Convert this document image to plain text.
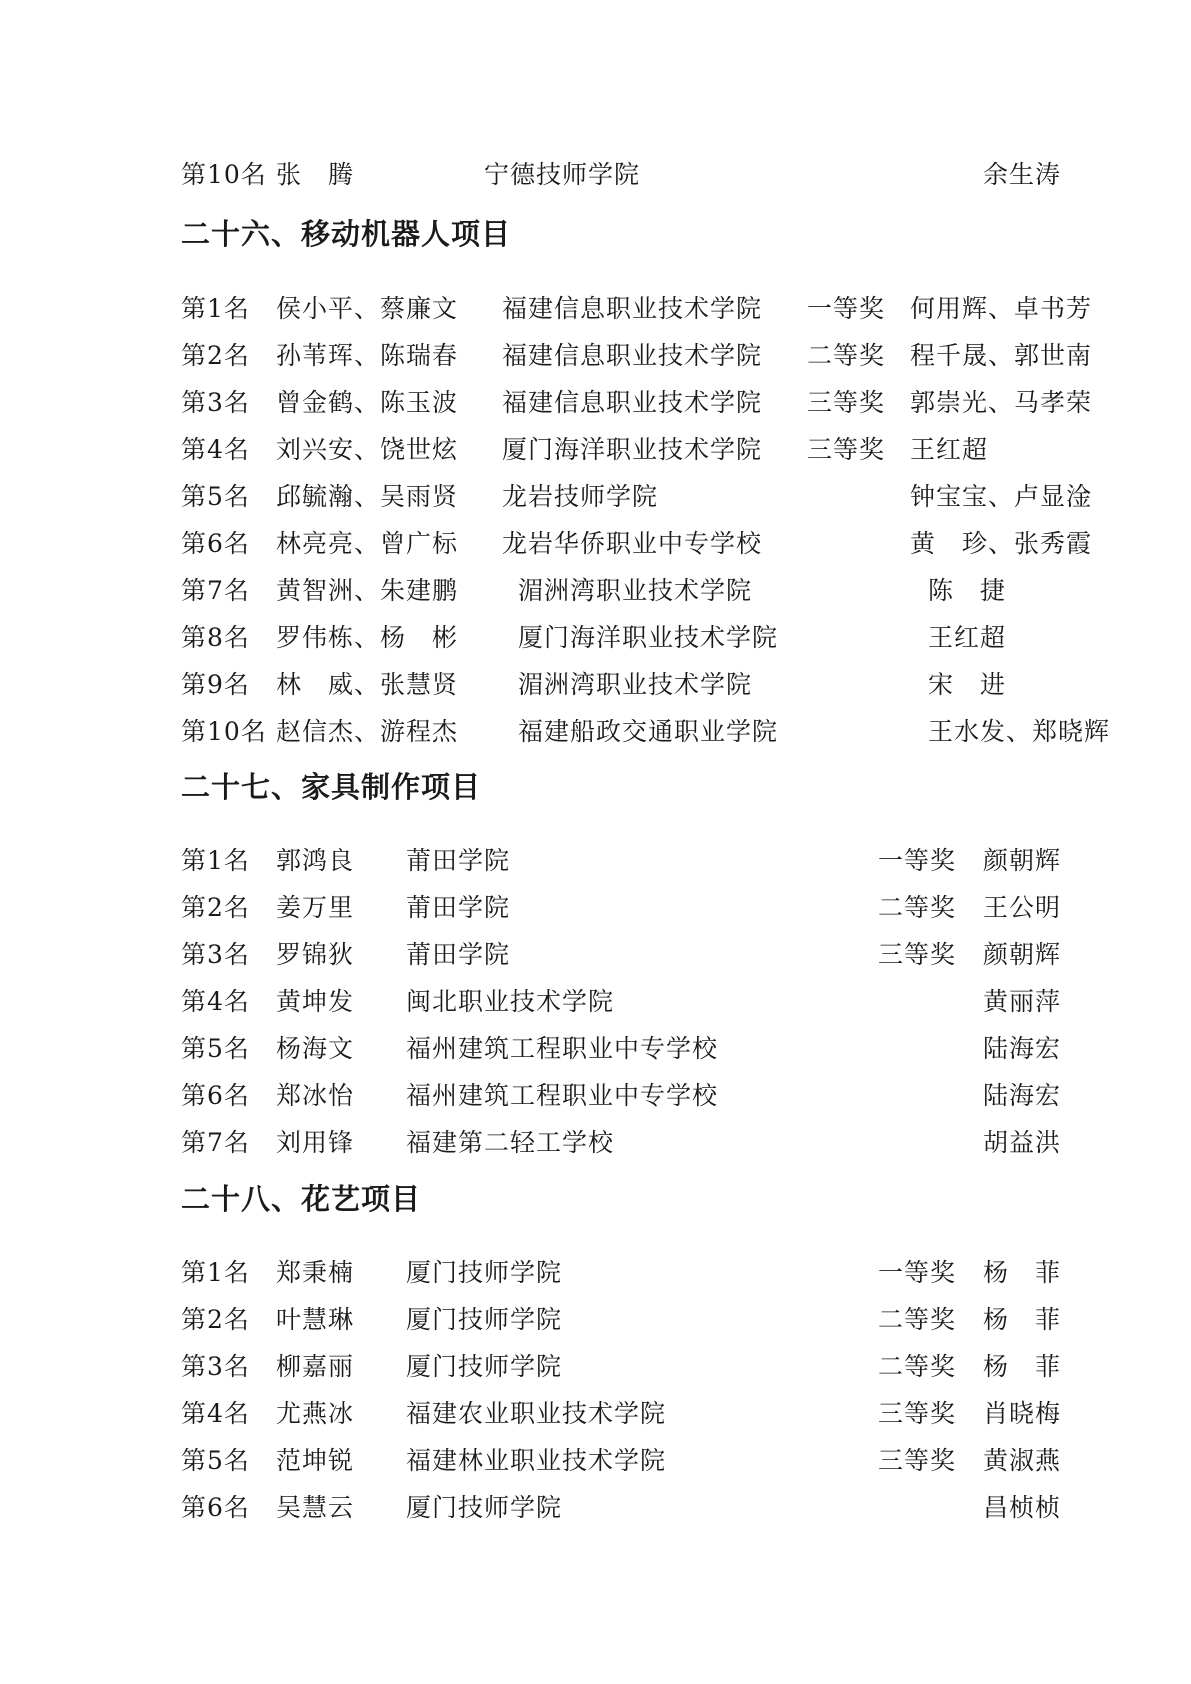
第10名 张　腾	宁德技师学院	余生涛
二十六、移动机器人项目
第1名 侯小平、蔡廉文 福建信息职业技术学院 一等奖 何用辉、卓书芳
第2名 孙苇珲、陈瑞春 福建信息职业技术学院 二等奖 程千晟、郭世南
第3名 曾金鹤、陈玉波 福建信息职业技术学院 三等奖 郭崇光、马孝荣
第4名 刘兴安、饶世炫 厦门海洋职业技术学院 三等奖 王红超
第5名 邱毓瀚、吴雨贤 龙岩技师学院	钟宝宝、卢显淦
第6名 林亮亮、曾广标 龙岩华侨职业中专学校	黄　珍、张秀霞
第7名 黄智洲、朱建鹏 湄洲湾职业技术学院	陈　捷
第8名 罗伟栋、杨　彬 厦门海洋职业技术学院	王红超
第9名 林　威、张慧贤 湄洲湾职业技术学院	宋　进
第10名 赵信杰、游程杰 福建船政交通职业学院	王水发、郑晓辉
二十七、家具制作项目
第1名 郭鸿良 莆田学院	一等奖 颜朝辉
第2名 姜万里 莆田学院	二等奖 王公明
第3名 罗锦狄 莆田学院	三等奖 颜朝辉
第4名 黄坤发 闽北职业技术学院	黄丽萍
第5名 杨海文 福州建筑工程职业中专学校	陆海宏
第6名 郑冰怡 福州建筑工程职业中专学校	陆海宏
第7名 刘用锋 福建第二轻工学校	胡益洪
二十八、花艺项目
第1名 郑秉楠 厦门技师学院	一等奖 杨　菲
第2名 叶慧琳 厦门技师学院	二等奖 杨　菲
第3名 柳嘉丽 厦门技师学院	二等奖 杨　菲
第4名 尤燕冰 福建农业职业技术学院	三等奖 肖晓梅
第5名 范坤锐 福建林业职业技术学院	三等奖 黄淑燕
第6名 吴慧云 厦门技师学院	昌桢桢
